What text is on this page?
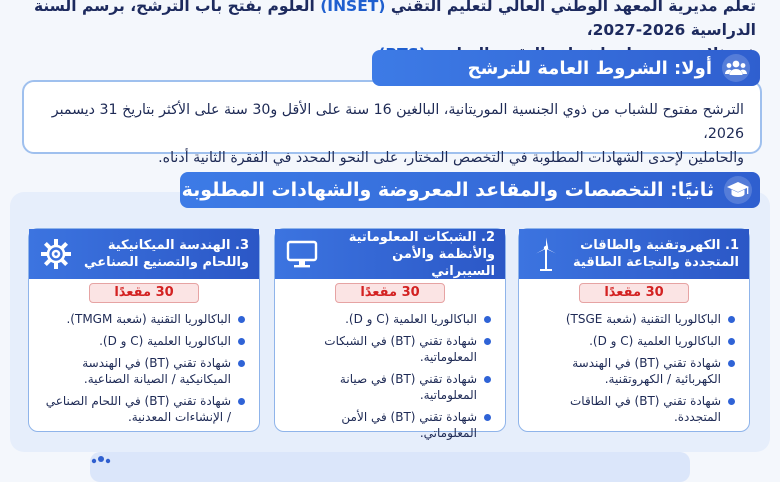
تعلم مديرية المعهد الوطني العالي لتعليم التقني (INSET) العلوم بفتح باب الترشح، برسم السنة الدراسية 2026-2027،
أولا: الشروط العامة للترشح
الترشح مفتوح للشباب من ذوي الجنسية الموريتانية، البالغين 16 سنة على الأقل و30 سنة على الأكثر بتاريخ 31 ديسمبر 2026،
والحاملين لإحدى الشهادات المطلوبة في التخصص المختار، على النحو المحدد في الفقرة الثانية أدناه.
ثانيًا: التخصصات والمقاعد المعروضة والشهادات المطلوبة
1. الكهروتقنية والطاقات المتجددة والنجاعة الطاقية
30 مقعدًا
الباكالوريا التقنية (شعبة TSGE)
الباكالوريا العلمية (C و D).
شهادة تقني (BT) في الهندسة الكهربائية / الكهروتقنية.
شهادة تقني (BT) في الطاقات المتجددة.
2. الشبكات المعلوماتية والأنظمة والأمن السيبراني
30 مقعدًا
الباكالوريا العلمية (C و D).
شهادة تقني (BT) في الشبكات المعلوماتية.
شهادة تقني (BT) في صيانة المعلوماتية.
شهادة تقني (BT) في الأمن المعلوماتي.
3. الهندسة الميكانيكية واللحام والتصنيع الصناعي
30 مقعدًا
الباكالوريا التقنية (شعبة TMGM).
الباكالوريا العلمية (C و D).
شهادة تقني (BT) في الهندسة الميكانيكية / الصيانة الصناعية.
شهادة تقني (BT) في اللحام الصناعي / الإنشاءات المعدنية.
